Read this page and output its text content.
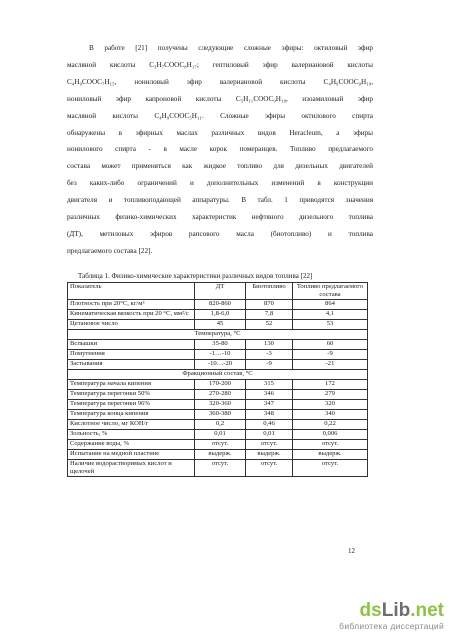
В работе [21] получены следующие сложные эфиры: октиловый эфир
масляной кислоты C₃H₇COOC₈H₁₇; гептиловый эфир валериановой кислоты
C₄H₉COOC₇H₁₅, нониловый эфир валериановой кислоты C₄H₉COOC₉H₁₉,
нониловый эфир капроновой кислоты C₅H₁₁COOC₉H₁₉, изоамиловый эфир
масляной кислоты C₄H₉COOC₅H₁₁. Сложные эфиры октилового спирта
обнаружены в эфирных маслах различных видов Heracleum, а эфиры
нонилового спирта - в масле корок померанцев. Топливо предлагаемого
состава может применяться как жидкое топливо для дизельных двигателей
без каких-либо ограничений и дополнительных изменений в конструкции
двигателя и топливоподающей аппаратуры. В табл. 1 приводятся значения
различных физико-химических характеристик нефтяного дизельного топлива
(ДТ), метиловых эфиров рапсового масла (биотопливо) и топлива
предлагаемого состава [22].
Таблица 1. Физико-химические характеристики различных видов топлива [22]
Показатель	ДТ	Биотопливо	Топливо предлагаемого состава
Плотность при 20°С, кг/м³	820-860	870	864
Кинематическая вязкость при 20 °С, мм²/с	1,8-6,0	7,8	4,1
Цетановое число	45	52	53
Температура, °С			
Вспышки	35-80	130	60
Помутнения	-1…-10	-3	-9
Застывания	-10…-20	-9	-21
Фракционный состав, °С			
Температура начала кипения	170-200	315	172
Температура перегонки 50%	270-280	346	279
Температура перегонки 96%	320-360	347	320
Температура конца кипения	360-380	348	340
Кислотное число, мг КОН/г	0,2	0,46	0,22
Зольность, %	0,01	0,01	0,006
Содержание воды, %	отсут.	отсут.	отсут.
Испытание на медной пластине	выдерж.	выдерж.	выдерж.
Наличие водорастворимых кислот и щелочей	отсут.	отсут.	отсут.
12
dsLib.net
библиотека диссертаций
